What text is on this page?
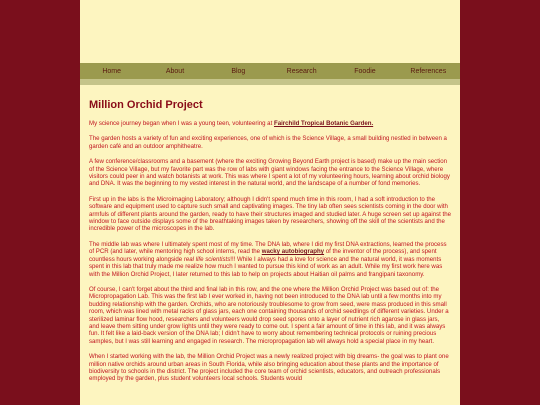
Home	About	Blog	Research	Foodie	References
Million Orchid Project

My science journey began when I was a young teen, volunteering at Fairchild Tropical Botanic Garden.

The garden hosts a variety of fun and exciting experiences, one of which is the Science Village, a small building nestled in between a garden café and an outdoor amphitheatre.

A few conference/classrooms and a basement (where the exciting Growing Beyond Earth project is based) make up the main section of the Science Village, but my favorite part was the row of labs with giant windows facing the entrance to the Science Village, where visitors could peer in and watch botanists at work. This was where I spent a lot of my volunteering hours, learning about orchid biology and DNA. It was the beginning to my vested interest in the natural world, and the landscape of a number of fond memories.

First up in the labs is the Microimaging Laboratory; although I didn't spend much time in this room, I had a soft introduction to the software and equipment used to capture such small and captivating images. The tiny lab often sees scientists coming in the door with armfuls of different plants around the garden, ready to have their structures imaged and studied later. A huge screen set up against the window to face outside displays some of the breathtaking images taken by researchers, showing off the skill of the scientists and the incredible power of the microscopes in the lab.

The middle lab was where I ultimately spent most of my time. The DNA lab, where I did my first DNA extractions, learned the process of PCR (and later, while mentoring high school interns, read the wacky autobiography of the inventor of the process), and spent countless hours working alongside real life scientists!!! While I always had a love for science and the natural world, it was moments spent in this lab that truly made me realize how much I wanted to pursue this kind of work as an adult. While my first work here was with the Million Orchid Project, I later returned to this lab to help on projects about Haitian oil palms and frangipani taxonomy.

Of course, I can't forget about the third and final lab in this row, and the one where the Million Orchid Project was based out of: the Micropropagation Lab. This was the first lab I ever worked in, having not been introduced to the DNA lab until a few months into my budding relationship with the garden. Orchids, who are notoriously troublesome to grow from seed, were mass produced in this small room, which was lined with metal racks of glass jars, each one containing thousands of orchid seedlings of different varieties. Under a sterilized laminar flow hood, researchers and volunteers would drop seed spores onto a layer of nutrient rich agarose in glass jars, and leave them sitting under grow lights until they were ready to come out. I spent a fair amount of time in this lab, and it was always fun. It felt like a laid-back version of the DNA lab; I didn't have to worry about remembering technical protocols or ruining precious samples, but I was still learning and engaged in research. The micropropagation lab will always hold a special place in my heart.

When I started working with the lab, the Million Orchid Project was a newly realized project with big dreams- the goal was to plant one million native orchids around urban areas in South Florida, while also bringing education about these plants and the importance of biodiversity to schools in the district. The project included the core team of orchid scientists, educators, and outreach professionals employed by the garden, plus student volunteers local schools. Students would
